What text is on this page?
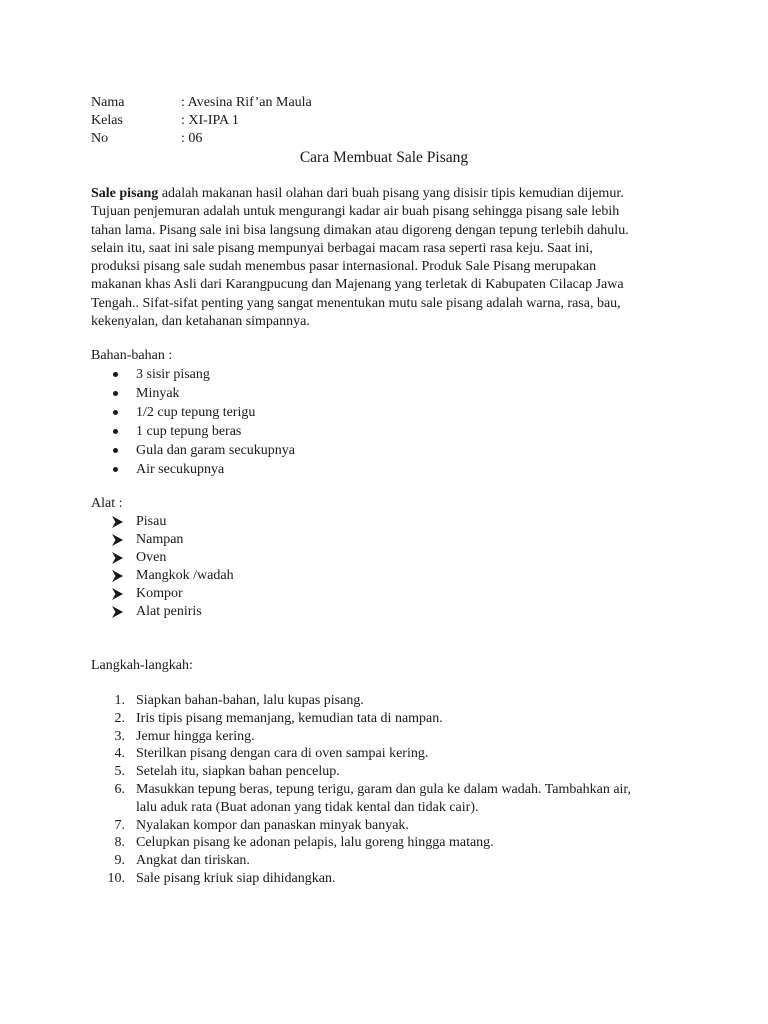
Nama	: Avesina Rif’an Maula
Kelas	: XI-IPA 1
No	: 06
Cara Membuat Sale Pisang
Sale pisang adalah makanan hasil olahan dari buah pisang yang disisir tipis kemudian dijemur.
Tujuan penjemuran adalah untuk mengurangi kadar air buah pisang sehingga pisang sale lebih
tahan lama. Pisang sale ini bisa langsung dimakan atau digoreng dengan tepung terlebih dahulu.
selain itu, saat ini sale pisang mempunyai berbagai macam rasa seperti rasa keju. Saat ini,
produksi pisang sale sudah menembus pasar internasional. Produk Sale Pisang merupakan
makanan khas Asli dari Karangpucung dan Majenang yang terletak di Kabupaten Cilacap Jawa
Tengah.. Sifat-sifat penting yang sangat menentukan mutu sale pisang adalah warna, rasa, bau,
kekenyalan, dan ketahanan simpannya.
Bahan-bahan :
3 sisir pisang
Minyak
1/2 cup tepung terigu
1 cup tepung beras
Gula dan garam secukupnya
Air secukupnya
Alat :
Pisau
Nampan
Oven
Mangkok /wadah
Kompor
Alat peniris
Langkah-langkah:
1. Siapkan bahan-bahan, lalu kupas pisang.
2. Iris tipis pisang memanjang, kemudian tata di nampan.
3. Jemur hingga kering.
4. Sterilkan pisang dengan cara di oven sampai kering.
5. Setelah itu, siapkan bahan pencelup.
6. Masukkan tepung beras, tepung terigu, garam dan gula ke dalam wadah. Tambahkan air,
lalu aduk rata (Buat adonan yang tidak kental dan tidak cair).
7. Nyalakan kompor dan panaskan minyak banyak.
8. Celupkan pisang ke adonan pelapis, lalu goreng hingga matang.
9. Angkat dan tiriskan.
10. Sale pisang kriuk siap dihidangkan.
